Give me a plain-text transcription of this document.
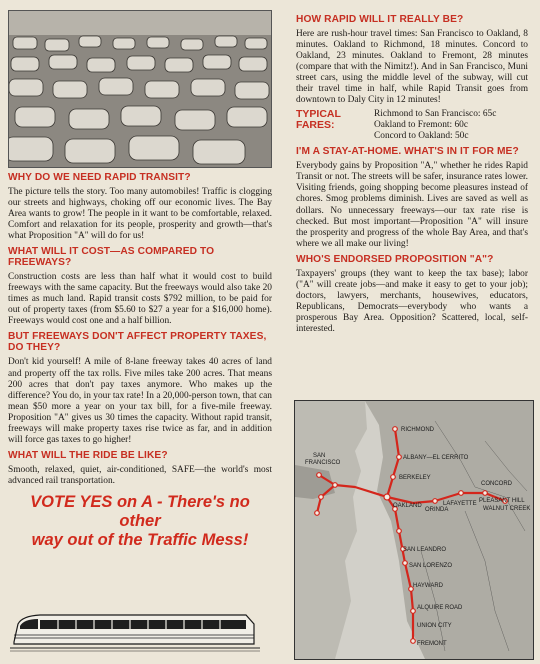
WHY DO WE NEED RAPID TRANSIT?

The picture tells the story. Too many automobiles! Traffic is clogging our streets and highways, choking off our economic lives. The Bay Area wants to grow! The people in it want to be comfortable, relaxed. Comfort and relaxation for its people, prosperity and growth—that's what Proposition "A" will do for us!

WHAT WILL IT COST—AS COMPARED TO FREEWAYS?

Construction costs are less than half what it would cost to build freeways with the same capacity. But the freeways would also take 20 times as much land. Rapid transit costs $792 million, to be paid for out of property taxes (from $5.60 to $27 a year for a $16,000 home). Freeways would cost one and a half billion.

BUT FREEWAYS DON'T AFFECT PROPERTY TAXES, DO THEY?

Don't kid yourself! A mile of 8-lane freeway takes 40 acres of land and property off the tax rolls. Five miles take 200 acres. That means 200 acres that don't pay taxes anymore. Who makes up the difference? You do, in your tax rate! In a 20,000-person town, that can mean $50 more a year on your tax bill, for a five-mile freeway. Proposition "A" gives us 30 times the capacity. Without rapid transit, freeways will make property taxes rise twice as far, and in addition will force gas taxes to go higher!

WHAT WILL THE RIDE BE LIKE?

Smooth, relaxed, quiet, air-conditioned, SAFE—the world's most advanced rail transportation.

VOTE YES on A - There's no other
way out of the Traffic Mess!
HOW RAPID WILL IT REALLY BE?

Here are rush-hour travel times: San Francisco to Oakland, 8 minutes. Oakland to Richmond, 18 minutes. Concord to Oakland, 23 minutes. Oakland to Fremont, 28 minutes (compare that with the Nimitz!). And in San Francisco, Muni street cars, using the middle level of the subway, will cut their travel time in half, while Rapid Transit goes from downtown to Daly City in 12 minutes!

TYPICAL FARES:
Richmond to San Francisco: 65c
Oakland to Fremont: 60c
Concord to Oakland: 50c
I'M A STAY-AT-HOME. WHAT'S IN IT FOR ME?

Everybody gains by Proposition "A," whether he rides Rapid Transit or not. The streets will be safer, insurance rates lower. Visiting friends, going shopping become pleasures instead of chores. Smog problems diminish. Lives are saved as well as dollars. No unnecessary freeways—our tax rate rise is checked. But most important—Proposition "A" will insure the prosperity and progress of the whole Bay Area, and that's where we all make our living!

WHO'S ENDORSED PROPOSITION "A"?

Taxpayers' groups (they want to keep the tax base); labor ("A" will create jobs—and make it easy to get to your job); doctors, lawyers, merchants, housewives, educators, Republicans, Democrats—everybody who wants a prosperous Bay Area. Opposition? Scattered, local, self-interested.

RICHMOND
ALBANY—EL CERRITO
BERKELEY
SAN
FRANCISCO
OAKLAND
ORINDA
LAFAYETTE
CONCORD
PLEASANT HILL
WALNUT CREEK
SAN LEANDRO
SAN LORENZO
HAYWARD
ALQUIRE ROAD
UNION CITY
FREMONT
